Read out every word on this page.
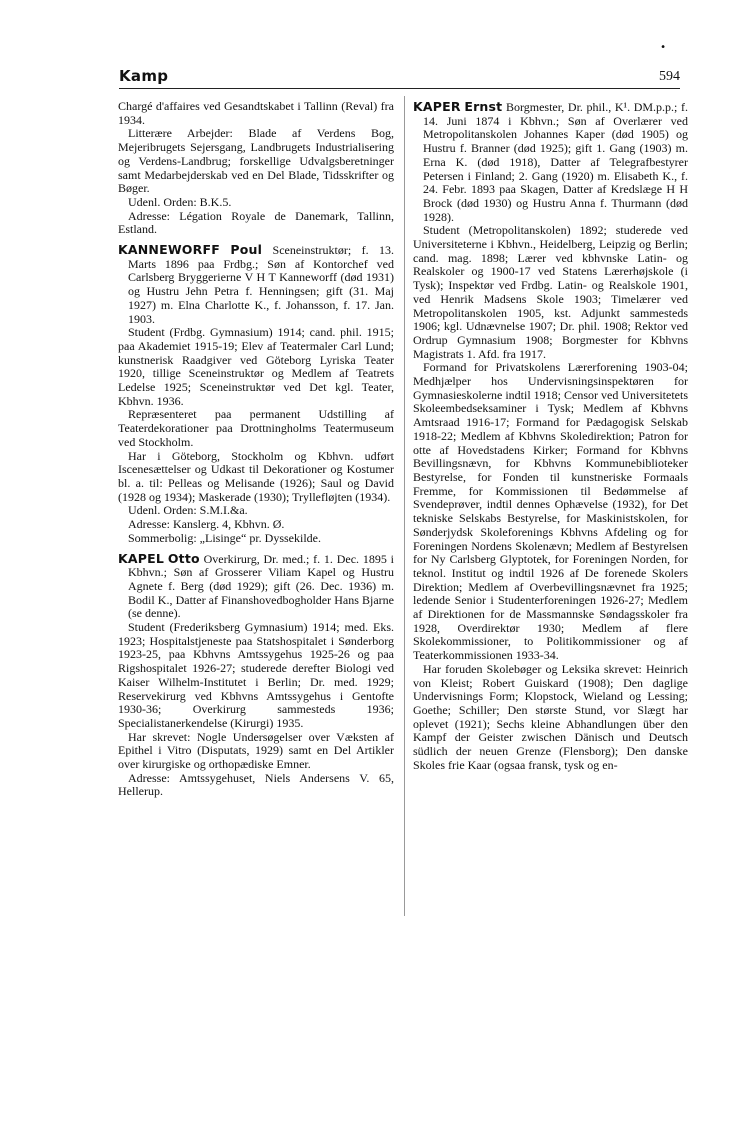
Kamp
•
594

Chargé d'affaires ved Gesandtskabet i Tallinn (Reval) fra 1934.

Litterære Arbejder: Blade af Verdens Bog, Mejeribrugets Sejersgang, Landbrugets Industrialisering og Verdens-Landbrug; forskellige Udvalgsberetninger samt Medarbejderskab ved en Del Blade, Tidsskrifter og Bøger.

Udenl. Orden: B.K.5.

Adresse: Légation Royale de Danemark, Tallinn, Estland.

KANNEWORFF Poul Sceneinstruktør; f. 13. Marts 1896 paa Frdbg.; Søn af Kontorchef ved Carlsberg Bryggerierne V H T Kanneworff (død 1931) og Hustru Jehn Petra f. Henningsen; gift (31. Maj 1927) m. Elna Charlotte K., f. Johansson, f. 17. Jan. 1903.

Student (Frdbg. Gymnasium) 1914; cand. phil. 1915; paa Akademiet 1915-19; Elev af Teatermaler Carl Lund; kunstnerisk Raadgiver ved Göteborg Lyriska Teater 1920, tillige Sceneinstruktør og Medlem af Teatrets Ledelse 1925; Sceneinstruktør ved Det kgl. Teater, Kbhvn. 1936.

Repræsenteret paa permanent Udstilling af Teaterdekorationer paa Drottningholms Teatermuseum ved Stockholm.

Har i Göteborg, Stockholm og Kbhvn. udført Iscenesættelser og Udkast til Dekorationer og Kostumer bl. a. til: Pelleas og Melisande (1926); Saul og David (1928 og 1934); Maskerade (1930); Tryllefløjten (1934).

Udenl. Orden: S.M.I.&a.

Adresse: Kanslerg. 4, Kbhvn. Ø.

Sommerbolig: „Lisinge“ pr. Dyssekilde.

KAPEL Otto Overkirurg, Dr. med.; f. 1. Dec. 1895 i Kbhvn.; Søn af Grosserer Viliam Kapel og Hustru Agnete f. Berg (død 1929); gift (26. Dec. 1936) m. Bodil K., Datter af Finanshovedbogholder Hans Bjarne (se denne).

Student (Frederiksberg Gymnasium) 1914; med. Eks. 1923; Hospitalstjeneste paa Statshospitalet i Sønderborg 1923-25, paa Kbhvns Amtssygehus 1925-26 og paa Rigshospitalet 1926-27; studerede derefter Biologi ved Kaiser Wilhelm-Institutet i Berlin; Dr. med. 1929; Reservekirurg ved Kbhvns Amtssygehus i Gentofte 1930-36; Overkirurg sammesteds 1936; Specialistanerkendelse (Kirurgi) 1935.

Har skrevet: Nogle Undersøgelser over Væksten af Epithel i Vitro (Disputats, 1929) samt en Del Artikler over kirurgiske og orthopædiske Emner.

Adresse: Amtssygehuset, Niels Andersens V. 65, Hellerup.

KAPER Ernst Borgmester, Dr. phil., K¹. DM.p.p.; f. 14. Juni 1874 i Kbhvn.; Søn af Overlærer ved Metropolitanskolen Johannes Kaper (død 1905) og Hustru f. Branner (død 1925); gift 1. Gang (1903) m. Erna K. (død 1918), Datter af Telegrafbestyrer Petersen i Finland; 2. Gang (1920) m. Elisabeth K., f. 24. Febr. 1893 paa Skagen, Datter af Kredslæge H H Brock (død 1930) og Hustru Anna f. Thurmann (død 1928).

Student (Metropolitanskolen) 1892; studerede ved Universiteterne i Kbhvn., Heidelberg, Leipzig og Berlin; cand. mag. 1898; Lærer ved kbhvnske Latin- og Realskoler og 1900-17 ved Statens Lærerhøjskole (i Tysk); Inspektør ved Frdbg. Latin- og Realskole 1901, ved Henrik Madsens Skole 1903; Timelærer ved Metropolitanskolen 1905, kst. Adjunkt sammesteds 1906; kgl. Udnævnelse 1907; Dr. phil. 1908; Rektor ved Ordrup Gymnasium 1908; Borgmester for Kbhvns Magistrats 1. Afd. fra 1917.

Formand for Privatskolens Lærerforening 1903-04; Medhjælper hos Undervisningsinspektøren for Gymnasieskolerne indtil 1918; Censor ved Universitetets Skoleembedseksaminer i Tysk; Medlem af Kbhvns Amtsraad 1916-17; Formand for Pædagogisk Selskab 1918-22; Medlem af Kbhvns Skoledirektion; Patron for otte af Hovedstadens Kirker; Formand for Kbhvns Bevillingsnævn, for Kbhvns Kommunebiblioteker Bestyrelse, for Fonden til kunstneriske Formaals Fremme, for Kommissionen til Bedømmelse af Svendeprøver, indtil dennes Ophævelse (1932), for Det tekniske Selskabs Bestyrelse, for Maskinistskolen, for Sønderjydsk Skoleforenings Kbhvns Afdeling og for Foreningen Nordens Skolenævn; Medlem af Bestyrelsen for Ny Carlsberg Glyptotek, for Foreningen Norden, for teknol. Institut og indtil 1926 af De forenede Skolers Direktion; Medlem af Overbevillingsnævnet fra 1925; ledende Senior i Studenterforeningen 1926-27; Medlem af Direktionen for de Massmannske Søndagsskoler fra 1928, Overdirektør 1930; Medlem af flere Skolekommissioner, to Politikommissioner og af Teaterkommissionen 1933-34.

Har foruden Skolebøger og Leksika skrevet: Heinrich von Kleist; Robert Guiskard (1908); Den daglige Undervisnings Form; Klopstock, Wieland og Lessing; Goethe; Schiller; Den største Stund, vor Slægt har oplevet (1921); Sechs kleine Abhandlungen über den Kampf der Geister zwischen Dänisch und Deutsch südlich der neuen Grenze (Flensborg); Den danske Skoles frie Kaar (ogsaa fransk, tysk og en-
